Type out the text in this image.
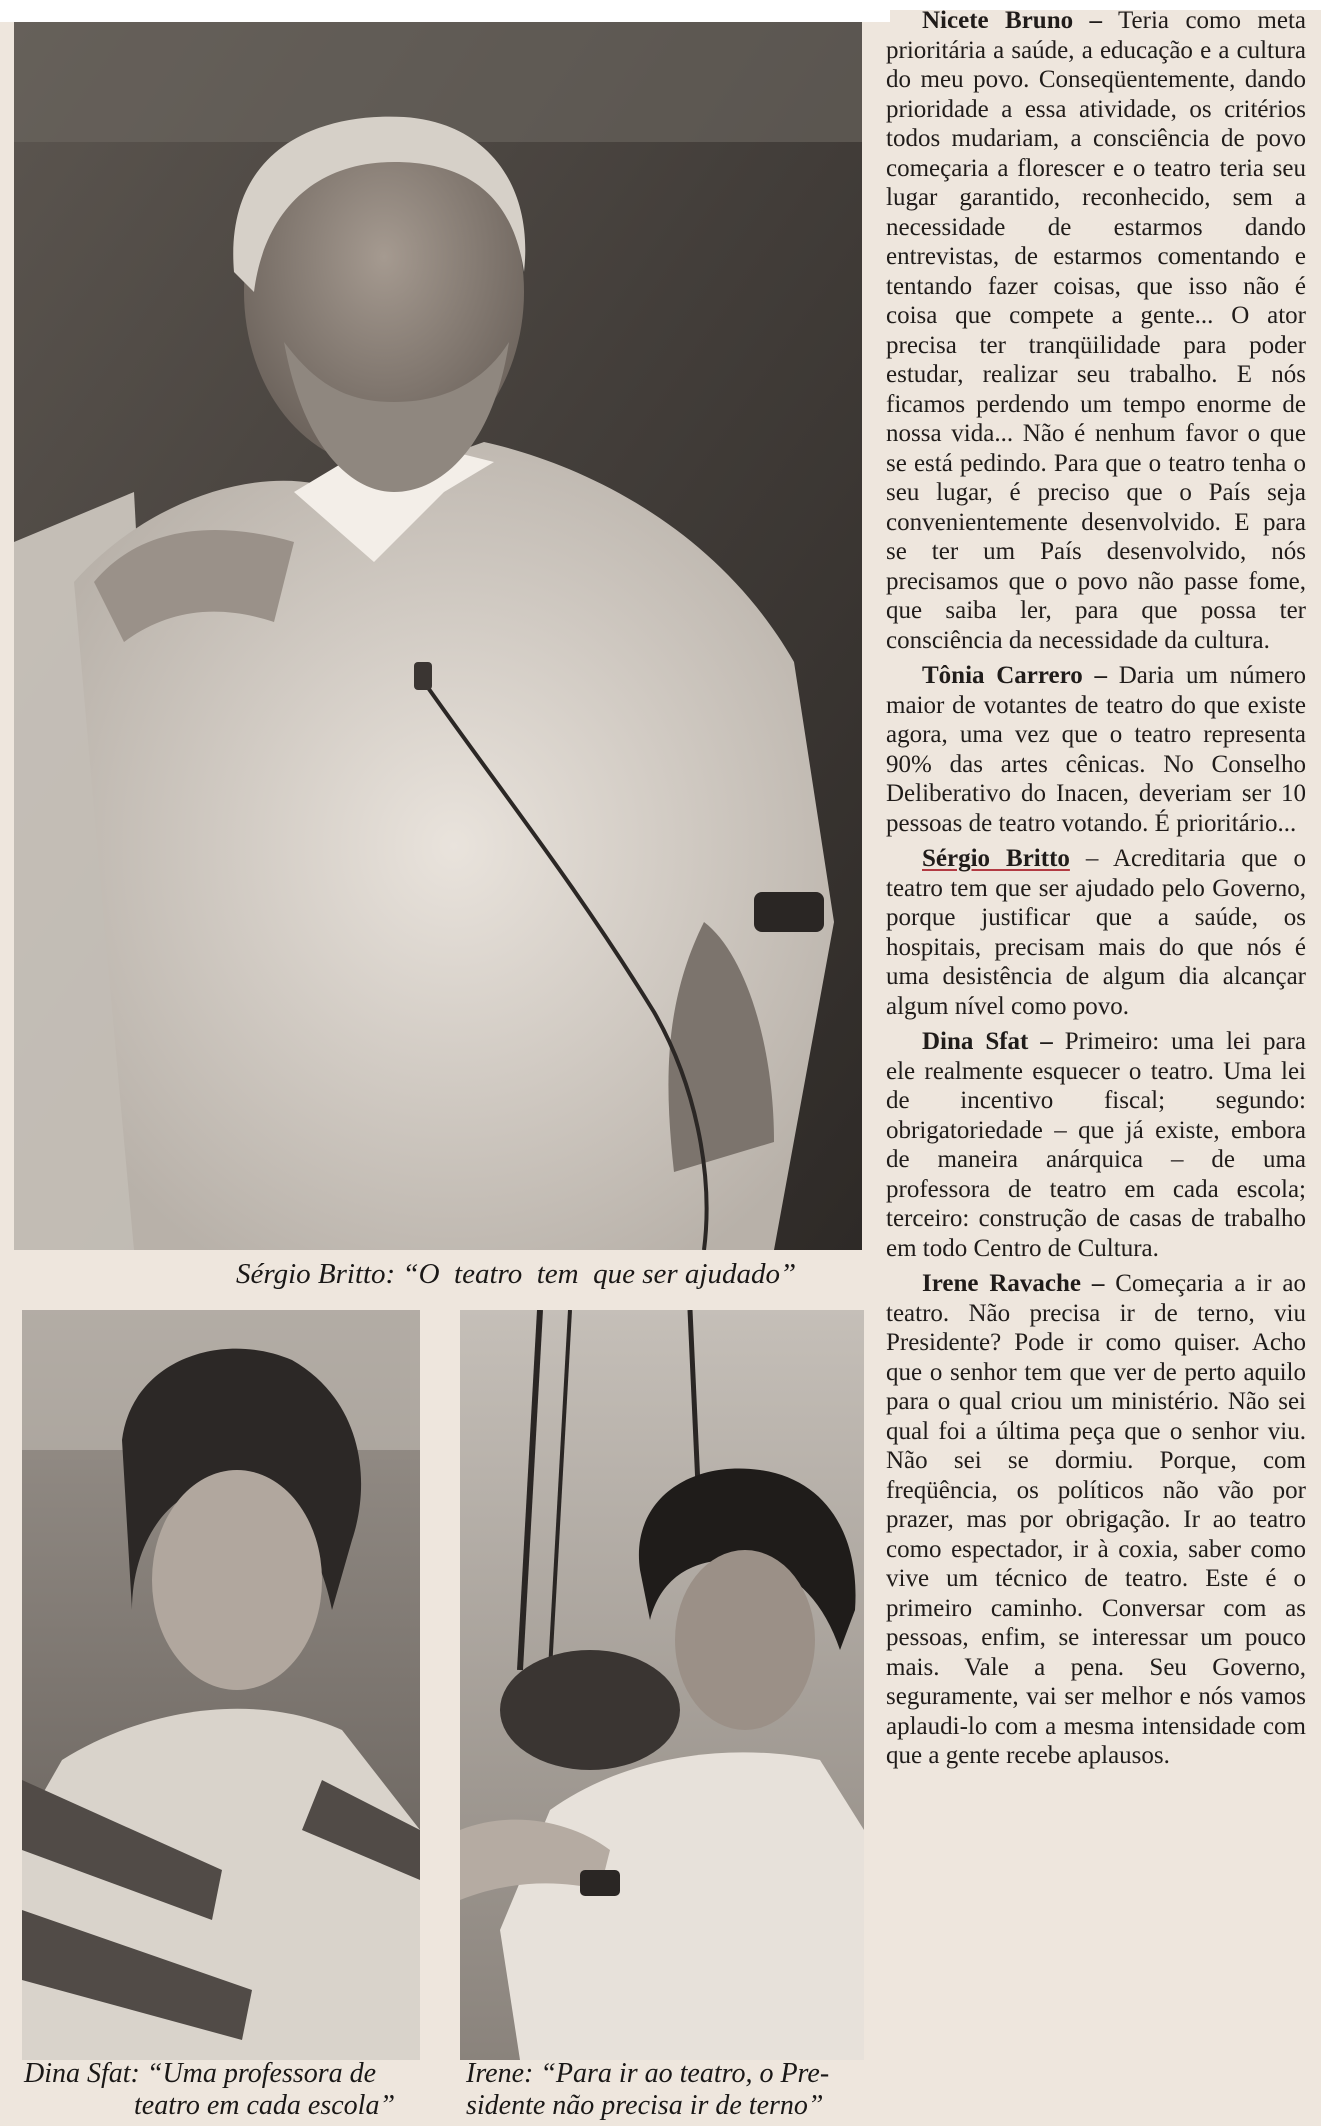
Sérgio Britto: “O  teatro  tem  que ser ajudado”
Dina Sfat: “Uma professora de
teatro em cada escola”
Irene: “Para ir ao teatro, o Pre-
sidente não precisa ir de terno”

Nicete Bruno – Teria como meta prioritária a saúde, a educação e a cultura do meu povo. Conseqüentemente, dando prioridade a essa atividade, os critérios todos mudariam, a consciência de povo começaria a florescer e o teatro teria seu lugar garantido, reconhecido, sem a necessidade de estarmos dando entrevistas, de estarmos comentando e tentando fazer coisas, que isso não é coisa que compete a gente... O ator precisa ter tranqüilidade para poder estudar, realizar seu trabalho. E nós ficamos perdendo um tempo enorme de nossa vida... Não é nenhum favor o que se está pedindo. Para que o teatro tenha o seu lugar, é preciso que o País seja convenientemente desenvolvido. E para se ter um País desenvolvido, nós precisamos que o povo não passe fome, que saiba ler, para que possa ter consciência da necessidade da cultura.

Tônia Carrero – Daria um número maior de votantes de teatro do que existe agora, uma vez que o teatro representa 90% das artes cênicas. No Conselho Deliberativo do Inacen, deveriam ser 10 pessoas de teatro votando. É prioritário...

Sérgio Britto – Acreditaria que o teatro tem que ser ajudado pelo Governo, porque justificar que a saúde, os hospitais, precisam mais do que nós é uma desistência de algum dia alcançar algum nível como povo.

Dina Sfat – Primeiro: uma lei para ele realmente esquecer o teatro. Uma lei de incentivo fiscal; segundo: obrigatoriedade – que já existe, embora de maneira anárquica – de uma professora de teatro em cada escola; terceiro: construção de casas de trabalho em todo Centro de Cultura.

Irene Ravache – Começaria a ir ao teatro. Não precisa ir de terno, viu Presidente? Pode ir como quiser. Acho que o senhor tem que ver de perto aquilo para o qual criou um ministério. Não sei qual foi a última peça que o senhor viu. Não sei se dormiu. Porque, com freqüência, os políticos não vão por prazer, mas por obrigação. Ir ao teatro como espectador, ir à coxia, saber como vive um técnico de teatro. Este é o primeiro caminho. Conversar com as pessoas, enfim, se interessar um pouco mais. Vale a pena. Seu Governo, seguramente, vai ser melhor e nós vamos aplaudi-lo com a mesma intensidade com que a gente recebe aplausos.
